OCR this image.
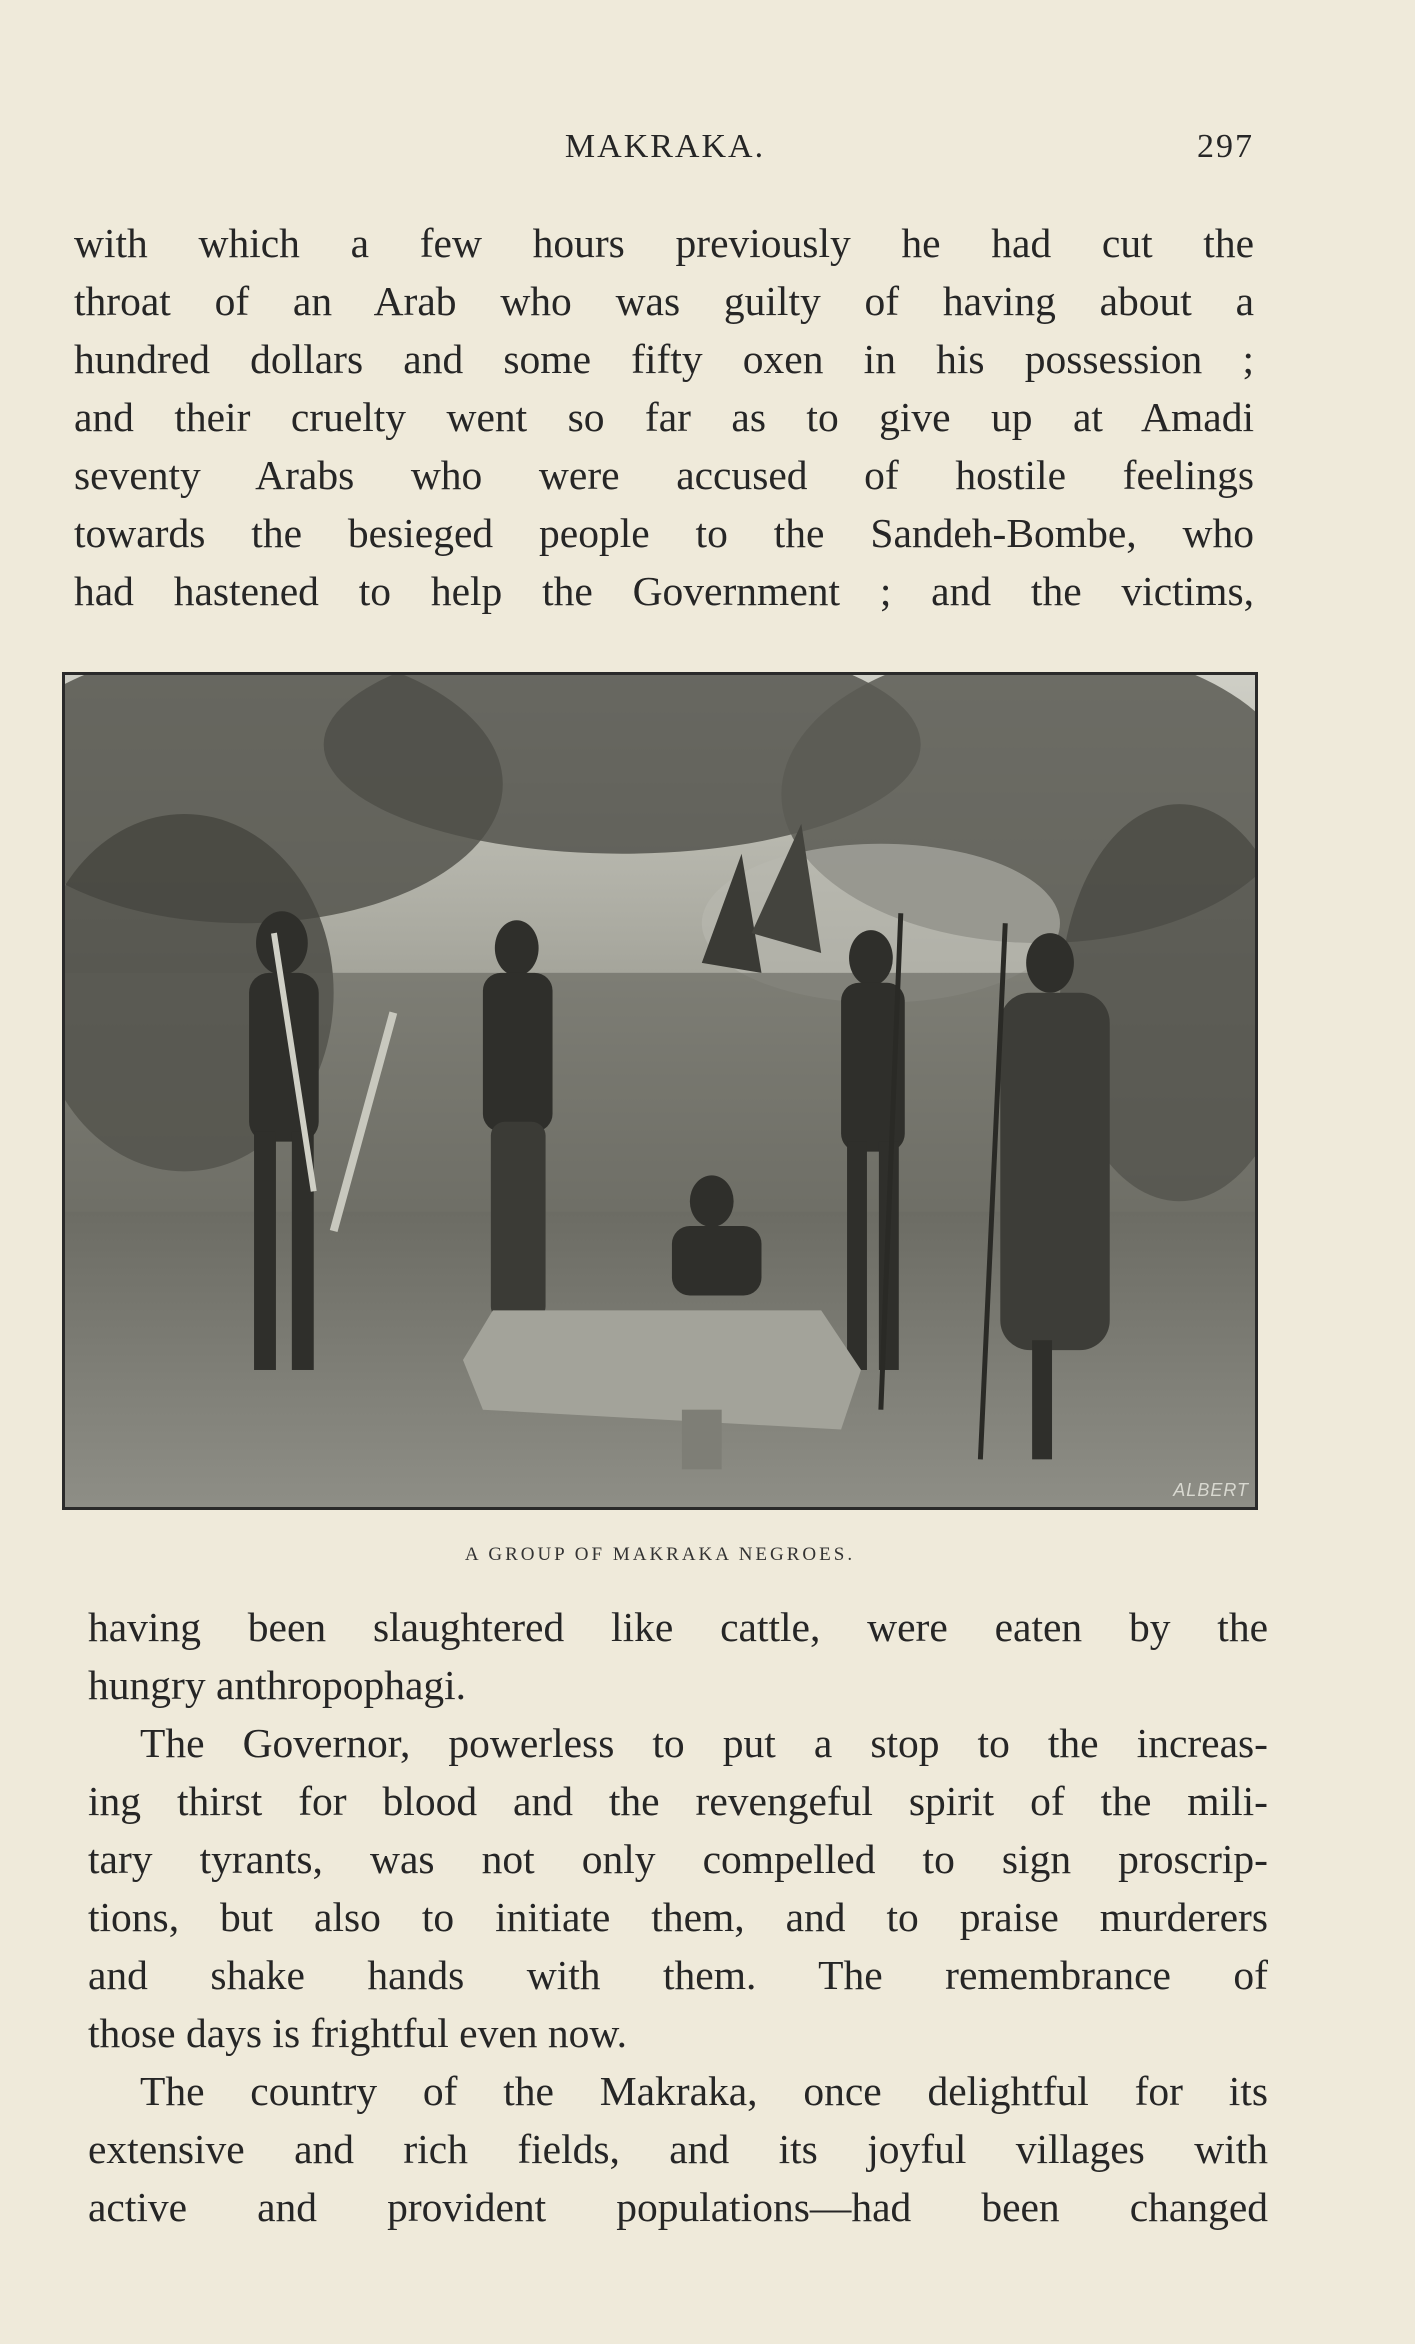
MAKRAKA.	297

with which a few hours previously he had cut the
throat of an Arab who was guilty of having about a
hundred dollars and some fifty oxen in his possession ;
and their cruelty went so far as to give up at Amadi
seventy Arabs who were accused of hostile feelings
towards the besieged people to the Sandeh-Bombe, who
had hastened to help the Government ; and the victims,

ALBERT
A GROUP OF MAKRAKA NEGROES.

having been slaughtered like cattle, were eaten by the
hungry anthropophagi.

The Governor, powerless to put a stop to the increas-
ing thirst for blood and the revengeful spirit of the mili-
tary tyrants, was not only compelled to sign proscrip-
tions, but also to initiate them, and to praise murderers
and shake hands with them. The remembrance of
those days is frightful even now.

The country of the Makraka, once delightful for its
extensive and rich fields, and its joyful villages with
active and provident populations—had been changed
